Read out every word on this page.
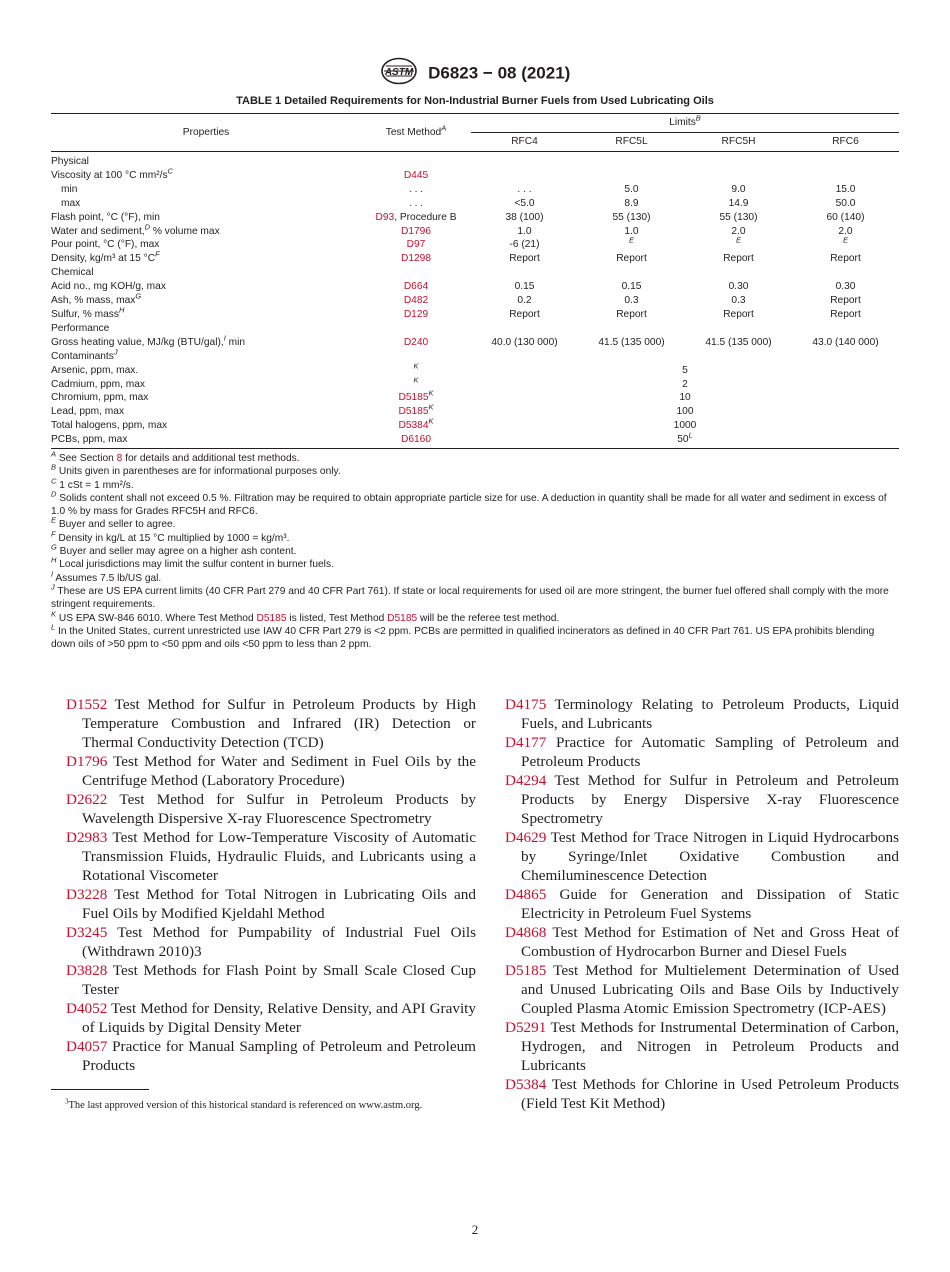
ASTM D6823 − 08 (2021)
TABLE 1 Detailed Requirements for Non-Industrial Burner Fuels from Used Lubricating Oils
Properties	Test Method$^A$	Limits$^B$
		RFC4	RFC5L	RFC5H	RFC6
Physical					
Viscosity at 100 °C mm²/$s^C$	D445				
min	. . .	. . .	5.0	9.0	15.0
max	. . .	<5.0	8.9	14.9	50.0
Flash point, °C (°F), min	D93, Procedure B	38 (100)	55 (130)	55 (130)	60 (140)
Water and sediment,$^D$ % volume max	D1796	1.0	1.0	2.0	2.0
Pour point, °C (°F), max	D97	-6 (21)	$^E$	$^E$	$^E$
Density, kg/m³ at 15 $^\circ C^F$	D1298	Report	Report	Report	Report
Chemical					
Acid no., mg KOH/g, max	D664	0.15	0.15	0.30	0.30
Ash, % mass, $\max^G$	D482	0.2	0.3	0.3	Report
Sulfur, % mass$^H$	D129	Report	Report	Report	Report
Performance					
Gross heating value, MJ/kg (BTU/gal),$^I$ min	D240	40.0 (130 000)	41.5 (135 000)	41.5 (135 000)	43.0 (140 000)
Contaminants$^J$					
Arsenic, ppm, max.	$^K$	5			
Cadmium, ppm, max	$^K$	2			
Chromium, ppm, max	$D5185^K$	10			
Lead, ppm, max	$D5185^K$	100			
Total halogens, ppm, max	$D5384^K$	1000			
PCBs, ppm, max	D6160	$50^L$
$^A$ See Section 8 for details and additional test methods.
$^B$ Units given in parentheses are for informational purposes only.
$^C$ 1 cSt = 1 mm²/s.
$^D$ Solids content shall not exceed 0.5 %. Filtration may be required to obtain appropriate particle size for use. A deduction in quantity shall be made for all water and sediment in excess of 1.0 % by mass for Grades RFC5H and RFC6.
$^E$ Buyer and seller to agree.
$^F$ Density in kg/L at 15 °C multiplied by 1000 = kg/m³.
$^G$ Buyer and seller may agree on a higher ash content.
$^H$ Local jurisdictions may limit the sulfur content in burner fuels.
$^I$ Assumes 7.5 lb/US gal.
$^J$ These are US EPA current limits (40 CFR Part 279 and 40 CFR Part 761). If state or local requirements for used oil are more stringent, the burner fuel offered shall comply with the more stringent requirements.
$^K$ US EPA SW-846 6010. Where Test Method D5185 is listed, Test Method D5185 will be the referee test method.
$^L$ In the United States, current unrestricted use IAW 40 CFR Part 279 is <2 ppm. PCBs are permitted in qualified incinerators as defined in 40 CFR Part 761. US EPA prohibits blending down oils of >50 ppm to <50 ppm and oils <50 ppm to less than 2 ppm.
D1552 Test Method for Sulfur in Petroleum Products by High Temperature Combustion and Infrared (IR) Detection or Thermal Conductivity Detection (TCD)
D1796 Test Method for Water and Sediment in Fuel Oils by the Centrifuge Method (Laboratory Procedure)
D2622 Test Method for Sulfur in Petroleum Products by Wavelength Dispersive X-ray Fluorescence Spectrometry
D2983 Test Method for Low-Temperature Viscosity of Automatic Transmission Fluids, Hydraulic Fluids, and Lubricants using a Rotational Viscometer
D3228 Test Method for Total Nitrogen in Lubricating Oils and Fuel Oils by Modified Kjeldahl Method
D3245 Test Method for Pumpability of Industrial Fuel Oils (Withdrawn 2010)3
D3828 Test Methods for Flash Point by Small Scale Closed Cup Tester
D4052 Test Method for Density, Relative Density, and API Gravity of Liquids by Digital Density Meter
D4057 Practice for Manual Sampling of Petroleum and Petroleum Products
D4175 Terminology Relating to Petroleum Products, Liquid Fuels, and Lubricants
D4177 Practice for Automatic Sampling of Petroleum and Petroleum Products
D4294 Test Method for Sulfur in Petroleum and Petroleum Products by Energy Dispersive X-ray Fluorescence Spectrometry
D4629 Test Method for Trace Nitrogen in Liquid Hydrocarbons by Syringe/Inlet Oxidative Combustion and Chemiluminescence Detection
D4865 Guide for Generation and Dissipation of Static Electricity in Petroleum Fuel Systems
D4868 Test Method for Estimation of Net and Gross Heat of Combustion of Hydrocarbon Burner and Diesel Fuels
D5185 Test Method for Multielement Determination of Used and Unused Lubricating Oils and Base Oils by Inductively Coupled Plasma Atomic Emission Spectrometry (ICP-AES)
D5291 Test Methods for Instrumental Determination of Carbon, Hydrogen, and Nitrogen in Petroleum Products and Lubricants
D5384 Test Methods for Chlorine in Used Petroleum Products (Field Test Kit Method)
$^3$The last approved version of this historical standard is referenced on www.astm.org.
2
